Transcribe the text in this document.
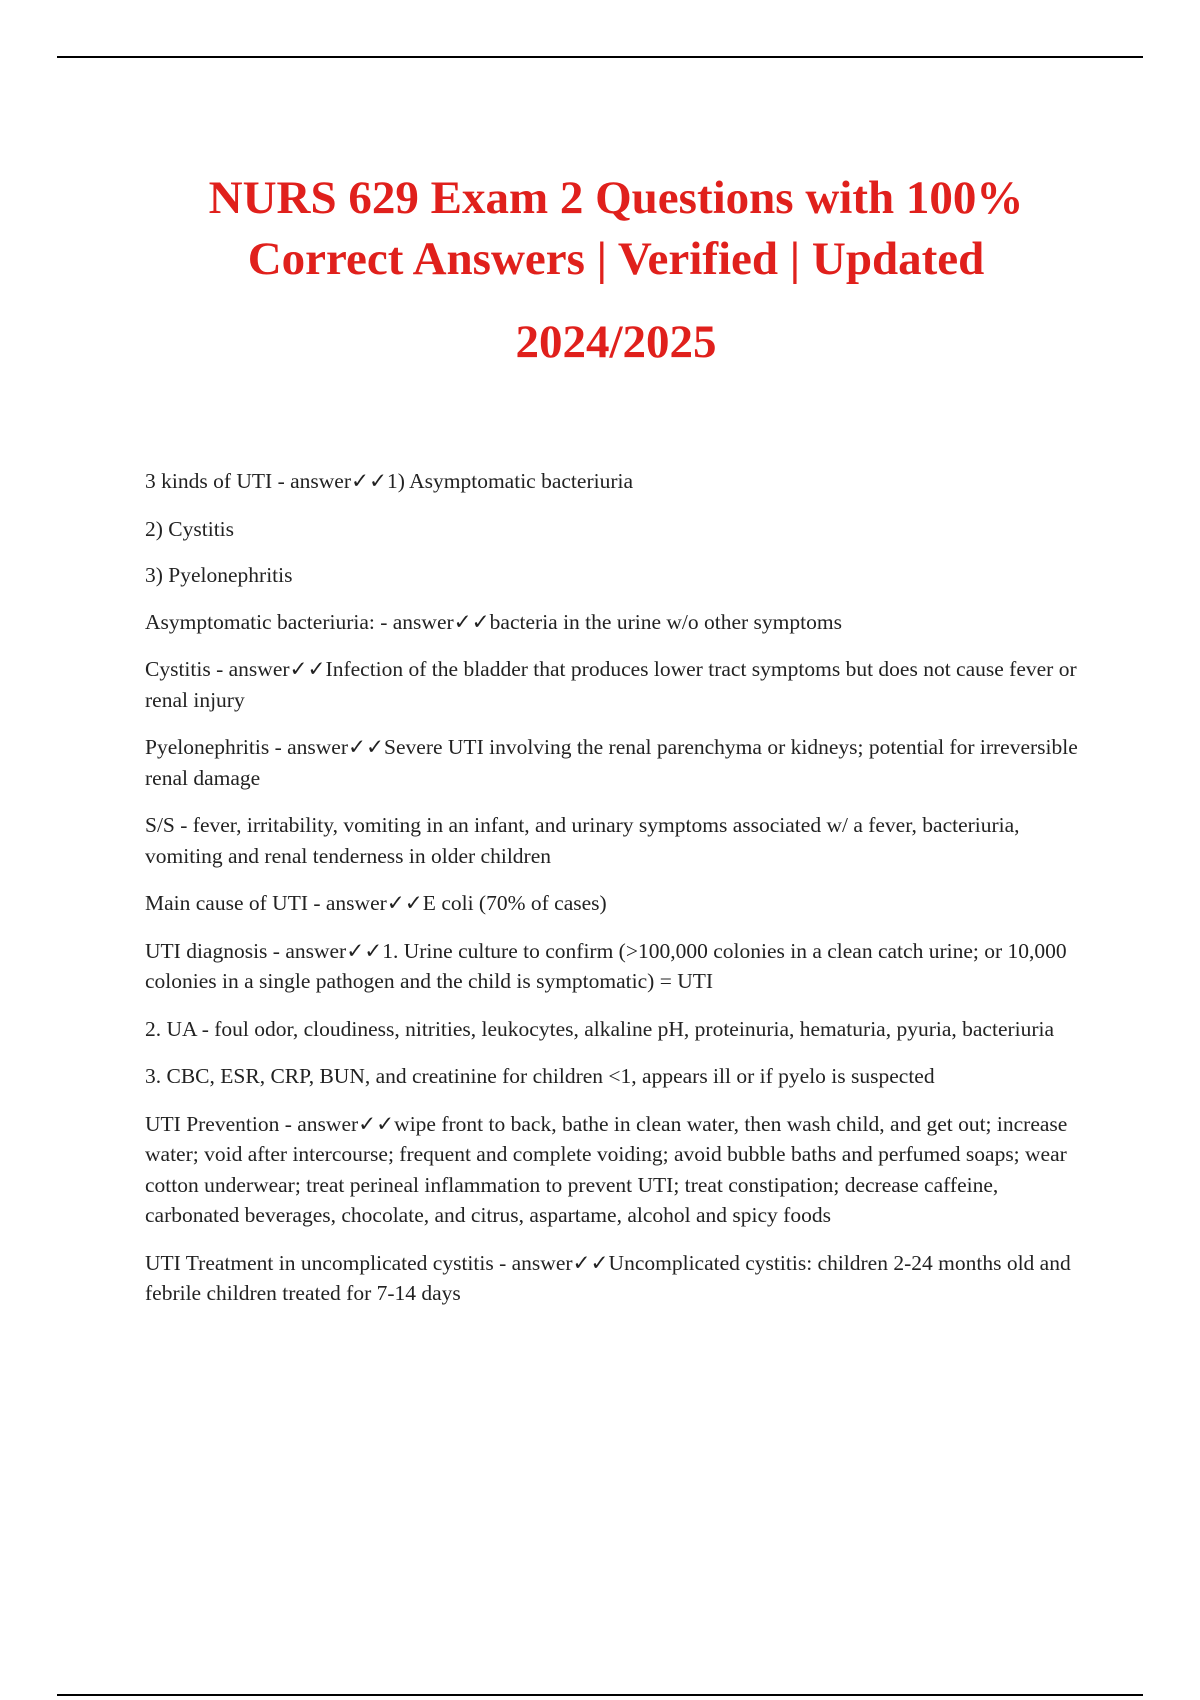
NURS 629 Exam 2 Questions with 100%
Correct Answers | Verified | Updated
2024/2025

3 kinds of UTI - answer✓✓1) Asymptomatic bacteriuria

2) Cystitis

3) Pyelonephritis

Asymptomatic bacteriuria: - answer✓✓bacteria in the urine w/o other symptoms

Cystitis - answer✓✓Infection of the bladder that produces lower tract symptoms but does not cause fever or renal injury

Pyelonephritis - answer✓✓Severe UTI involving the renal parenchyma or kidneys; potential for irreversible renal damage

S/S - fever, irritability, vomiting in an infant, and urinary symptoms associated w/ a fever, bacteriuria, vomiting and renal tenderness in older children

Main cause of UTI - answer✓✓E coli (70% of cases)

UTI diagnosis - answer✓✓1. Urine culture to confirm (>100,000 colonies in a clean catch urine; or 10,000 colonies in a single pathogen and the child is symptomatic) = UTI

2. UA - foul odor, cloudiness, nitrities, leukocytes, alkaline pH, proteinuria, hematuria, pyuria, bacteriuria

3. CBC, ESR, CRP, BUN, and creatinine for children <1, appears ill or if pyelo is suspected

UTI Prevention - answer✓✓wipe front to back, bathe in clean water, then wash child, and get out; increase water; void after intercourse; frequent and complete voiding; avoid bubble baths and perfumed soaps; wear cotton underwear; treat perineal inflammation to prevent UTI; treat constipation; decrease caffeine, carbonated beverages, chocolate, and citrus, aspartame, alcohol and spicy foods

UTI Treatment in uncomplicated cystitis - answer✓✓Uncomplicated cystitis: children 2-24 months old and febrile children treated for 7-14 days
